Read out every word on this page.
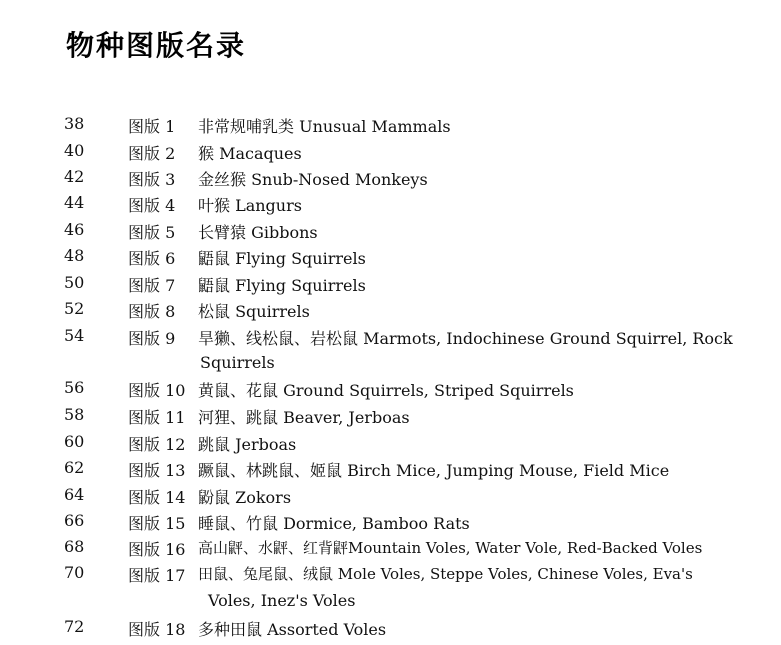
物种图版名录
38	图版 1 非常规哺乳类 Unusual Mammals
40	图版 2 猴 Macaques
42	图版 3 金丝猴 Snub-Nosed Monkeys
44	图版 4 叶猴 Langurs
46	图版 5 长臂猿 Gibbons
48	图版 6 鼯鼠 Flying Squirrels
50	图版 7 鼯鼠 Flying Squirrels
52	图版 8 松鼠 Squirrels
54	图版 9 旱獭、线松鼠、岩松鼠 Marmots, Indochinese Ground Squirrel, Rock
Squirrels
56	图版 10 黄鼠、花鼠 Ground Squirrels, Striped Squirrels
58	图版 11 河狸、跳鼠 Beaver, Jerboas
60	图版 12 跳鼠 Jerboas
62	图版 13 蹶鼠、林跳鼠、姬鼠 Birch Mice, Jumping Mouse, Field Mice
64	图版 14 鼢鼠 Zokors
66	图版 15 睡鼠、竹鼠 Dormice, Bamboo Rats
68	图版 16 高山䶄、水䶄、红背䶄Mountain Voles, Water Vole, Red-Backed Voles
70	图版 17 田鼠、兔尾鼠、绒鼠 Mole Voles, Steppe Voles, Chinese Voles, Eva's
Voles, Inez's Voles
72	图版 18 多种田鼠 Assorted Voles
